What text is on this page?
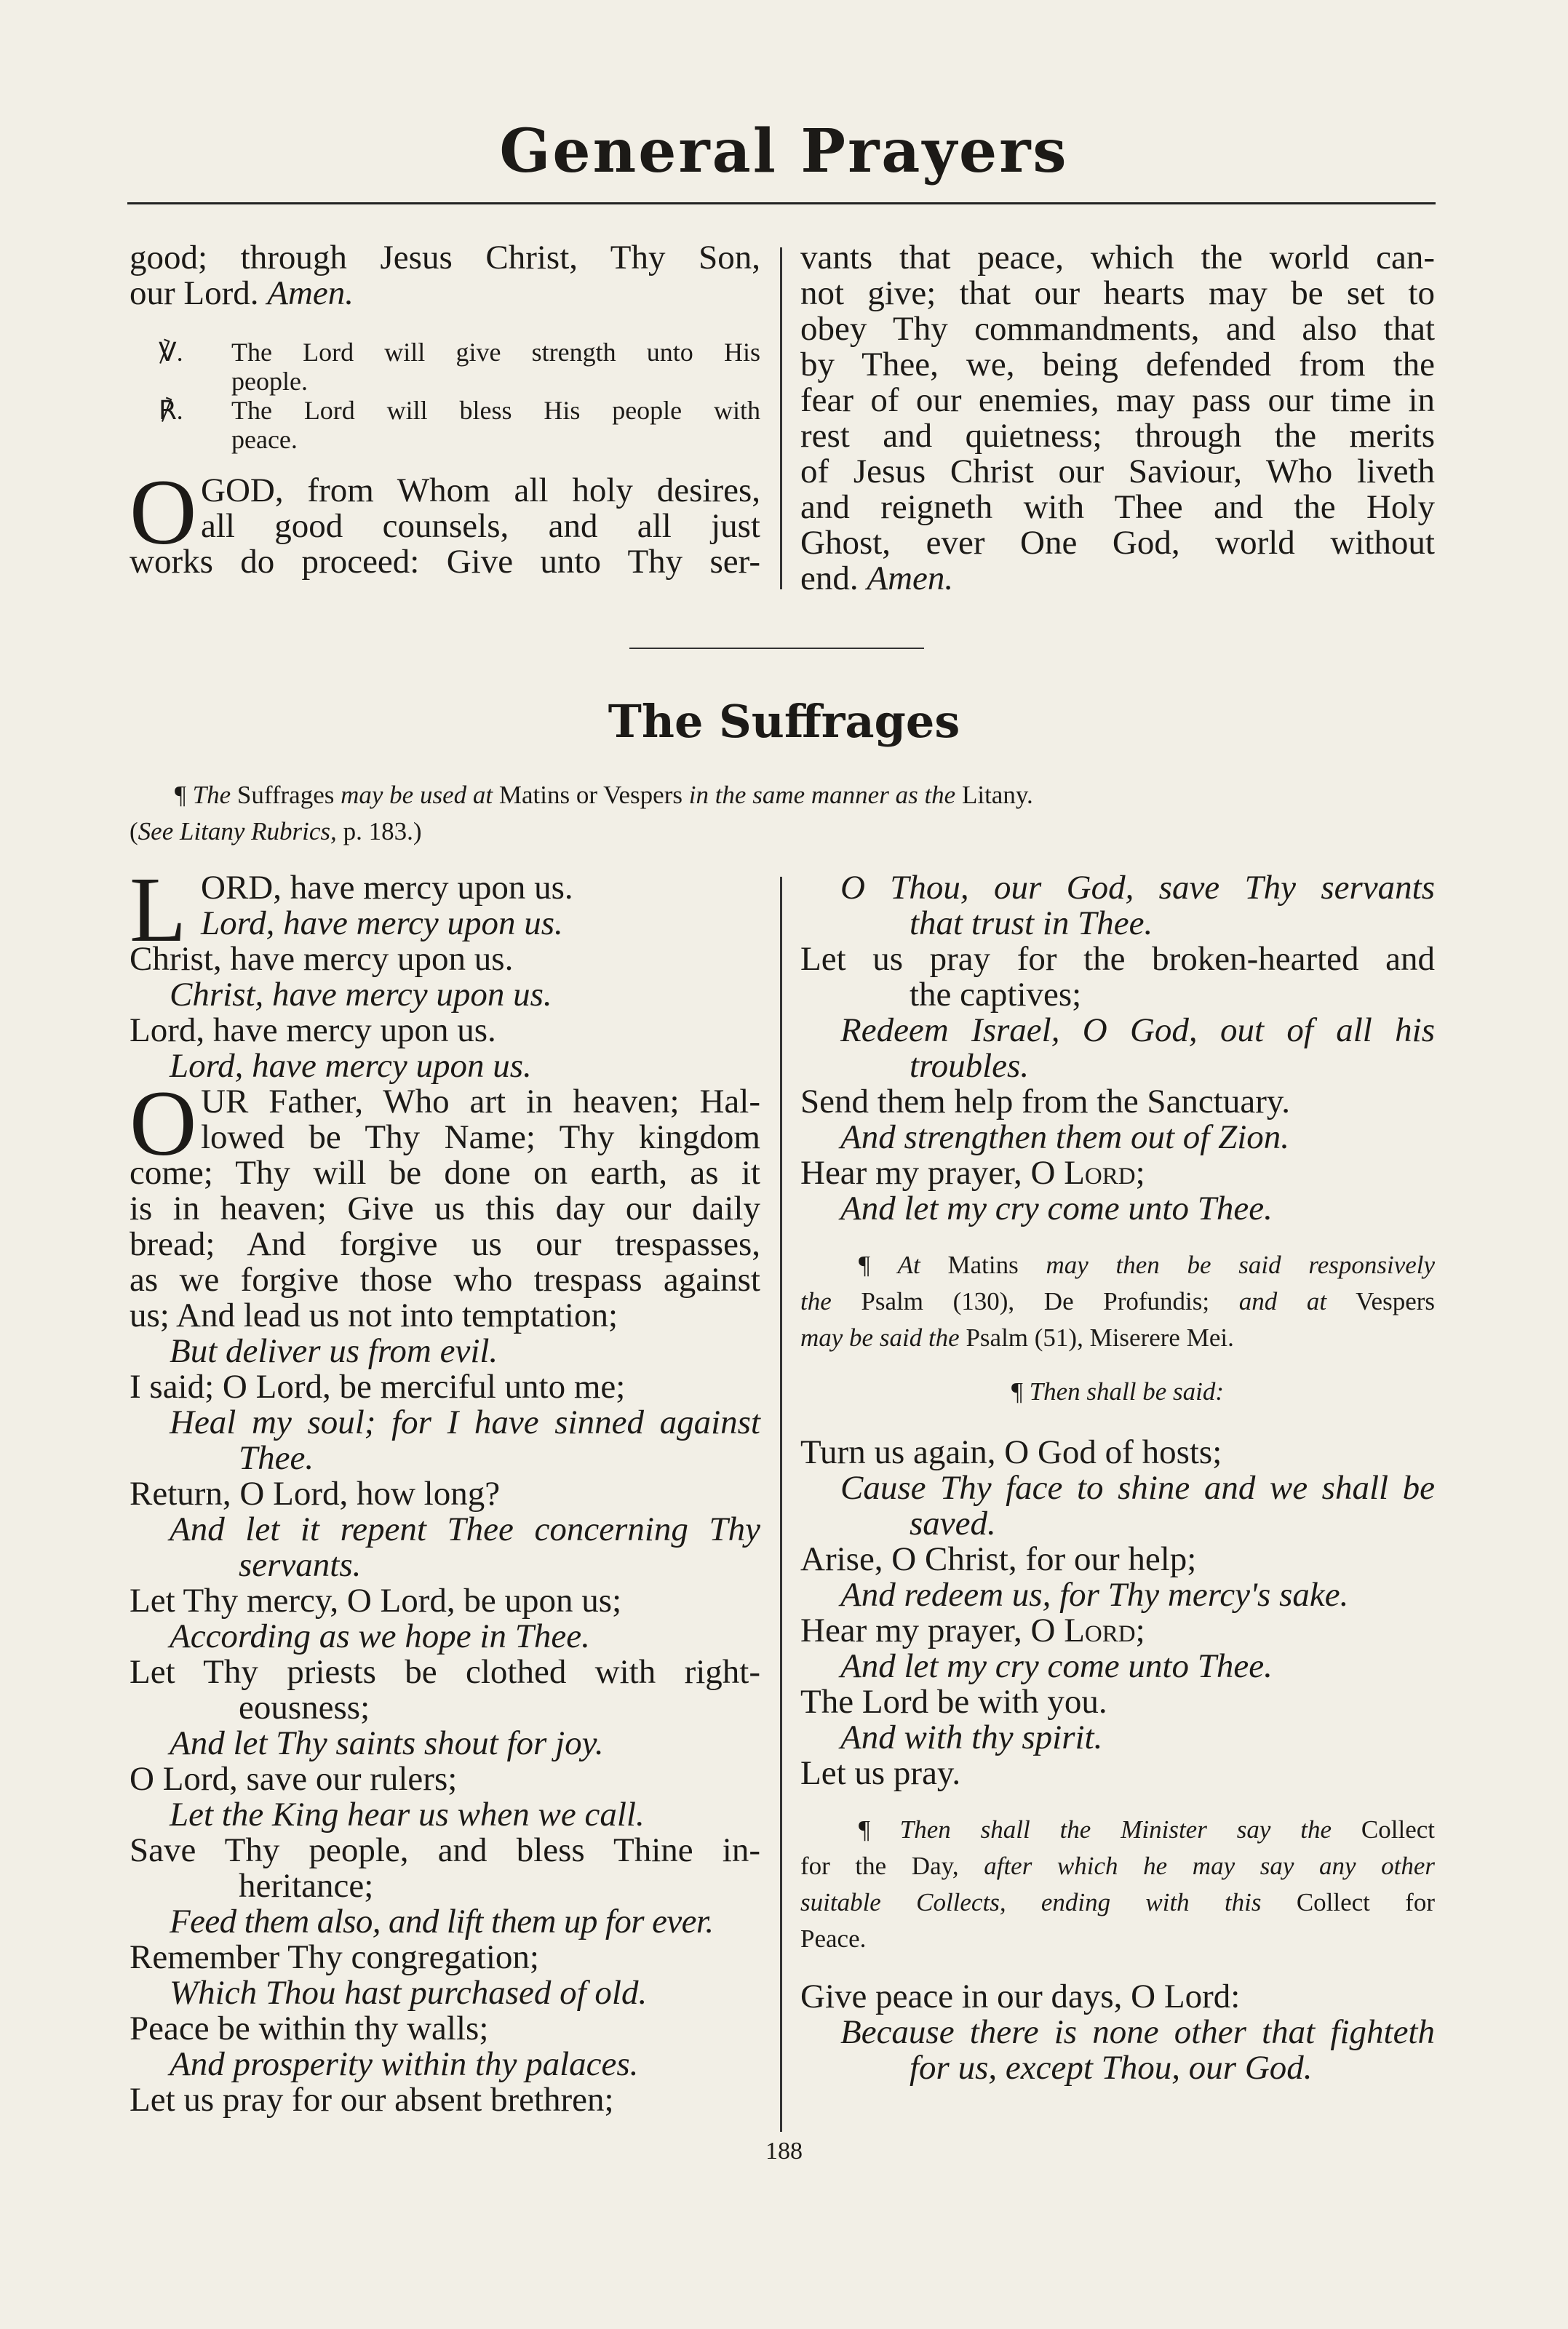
General Prayers

good; through Jesus Christ, Thy Son,

our Lord. Amen.

℣. The Lord will give strength unto His
people.
℟. The Lord will bless His people with
peace.
O GOD, from Whom all holy desires,

all good counsels, and all just

works do proceed: Give unto Thy ser-

vants that peace, which the world can-

not give; that our hearts may be set to

obey Thy commandments, and also that

by Thee, we, being defended from the

fear of our enemies, may pass our time in

rest and quietness; through the merits

of Jesus Christ our Saviour, Who liveth

and reigneth with Thee and the Holy

Ghost, ever One God, world without

end. Amen.

The Suffrages
¶ The Suffrages may be used at Matins or Vespers in the same manner as the Litany.
(See Litany Rubrics, p. 183.)
L ORD, have mercy upon us.

Lord, have mercy upon us.

Christ, have mercy upon us.

Christ, have mercy upon us.

Lord, have mercy upon us.

Lord, have mercy upon us.

O UR Father, Who art in heaven; Hal-

lowed be Thy Name; Thy kingdom

come; Thy will be done on earth, as it

is in heaven; Give us this day our daily

bread; And forgive us our trespasses,

as we forgive those who trespass against

us; And lead us not into temptation;

But deliver us from evil.

I said; O Lord, be merciful unto me;

Heal my soul; for I have sinned against

Thee.

Return, O Lord, how long?

And let it repent Thee concerning Thy

servants.

Let Thy mercy, O Lord, be upon us;

According as we hope in Thee.

Let Thy priests be clothed with right-

eousness;

And let Thy saints shout for joy.

O Lord, save our rulers;

Let the King hear us when we call.

Save Thy people, and bless Thine in-

heritance;

Feed them also, and lift them up for ever.

Remember Thy congregation;

Which Thou hast purchased of old.

Peace be within thy walls;

And prosperity within thy palaces.

Let us pray for our absent brethren;

O Thou, our God, save Thy servants

that trust in Thee.

Let us pray for the broken-hearted and

the captives;

Redeem Israel, O God, out of all his

troubles.

Send them help from the Sanctuary.

And strengthen them out of Zion.

Hear my prayer, O Lord;

And let my cry come unto Thee.

¶ At Matins may then be said responsively
the Psalm (130), De Profundis; and at Vespers
may be said the Psalm (51), Miserere Mei.
¶ Then shall be said:

Turn us again, O God of hosts;

Cause Thy face to shine and we shall be

saved.

Arise, O Christ, for our help;

And redeem us, for Thy mercy's sake.

Hear my prayer, O Lord;

And let my cry come unto Thee.

The Lord be with you.

And with thy spirit.

Let us pray.

¶ Then shall the Minister say the Collect
for the Day, after which he may say any other
suitable Collects, ending with this Collect for
Peace.

Give peace in our days, O Lord:

Because there is none other that fighteth

for us, except Thou, our God.

188
